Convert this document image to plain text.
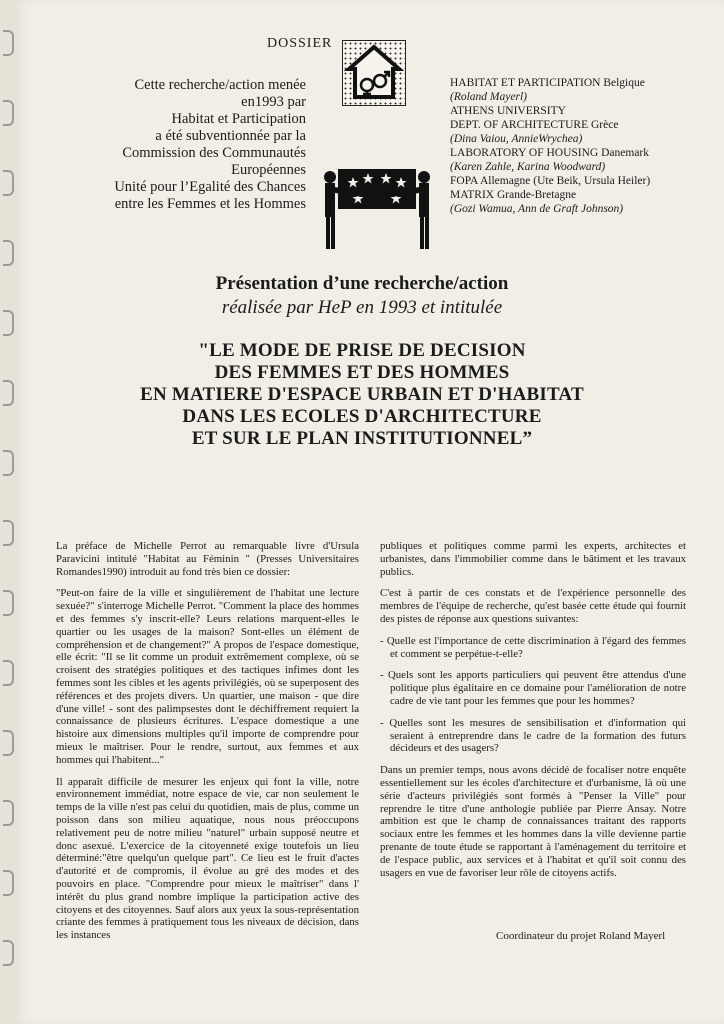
DOSSIER
Cette recherche/action menée
en1993 par
Habitat et Participation
a été subventionnée par la
Commission des Communautés
Européennes
Unité pour l’Egalité des Chances
entre les Femmes et les Hommes
HABITAT ET PARTICIPATION Belgique
(Roland Mayerl)
ATHENS UNIVERSITY
DEPT. OF ARCHITECTURE Grèce
(Dina Vaiou, AnnieWrychea)
LABORATORY OF HOUSING Danemark
(Karen Zahle, Karina Woodward)
FOPA Allemagne (Ute Beik, Ursula Heiler)
MATRIX Grande-Bretagne
(Gozi Wamua, Ann de Graft Johnson)
Présentation d’une recherche/action
réalisée par HeP en 1993 et intitulée
"LE MODE DE PRISE DE DECISION
DES FEMMES ET DES HOMMES
EN MATIERE D'ESPACE URBAIN ET D'HABITAT
DANS LES ECOLES D'ARCHITECTURE
ET SUR LE PLAN INSTITUTIONNEL”

La préface de Michelle Perrot au remarquable livre d'Ursula Paravicini intitulé "Habitat au Féminin " (Presses Universitaires Romandes1990) introduit au fond très bien ce dossier:

"Peut-on faire de la ville et singulièrement de l'habitat une lecture sexuée?" s'interroge Michelle Perrot. "Comment la place des hommes et des femmes s'y inscrit-elle? Leurs relations marquent-elles le quartier ou les usages de la maison? Sont-elles un élément de compréhension et de changement?" A propos de l'espace domestique, elle écrit: "Il se lit comme un produit extrêmement complexe, où se croisent des stratégies politiques et des tactiques infimes dont les femmes sont les cibles et les agents privilégiés, où se superposent des références et des projets divers. Un quartier, une maison - que dire d'une ville! - sont des palimpsestes dont le déchiffrement requiert la connaissance de plusieurs écritures. L'espace domestique a une histoire aux dimensions multiples qu'il importe de comprendre pour mieux le maîtriser. Pour le rendre, surtout, aux femmes et aux hommes qui l'habitent..."

Il apparaît difficile de mesurer les enjeux qui font la ville, notre environnement immédiat, notre espace de vie, car non seulement le temps de la ville n'est pas celui du quotidien, mais de plus, comme un poisson dans son milieu aquatique, nous nous préoccupons relativement peu de notre milieu "naturel" urbain supposé neutre et donc asexué. L'exercice de la citoyenneté exige toutefois un lieu déterminé:"être quelqu'un quelque part". Ce lieu est le fruit d'actes d'autorité et de compromis, il évolue au gré des modes et des pouvoirs en place. "Comprendre pour mieux le maîtriser" dans l' intérêt du plus grand nombre implique la participation active des citoyens et des citoyennes. Sauf alors aux yeux la sous-représentation criante des femmes à pratiquement tous les niveaux de décision, dans les instances

publiques et politiques comme parmi les experts, architectes et urbanistes, dans l'immobilier comme dans le bâtiment et les travaux publics.

C'est à partir de ces constats et de l'expérience personnelle des membres de l'équipe de recherche, qu'est basée cette étude qui fournit des pistes de réponse aux questions suivantes:

- Quelle est l'importance de cette discrimination à l'égard des femmes et comment se perpétue-t-elle?
- Quels sont les apports particuliers qui peuvent être attendus d'une politique plus égalitaire en ce domaine pour l'amélioration de notre cadre de vie tant pour les femmes que pour les hommes?
- Quelles sont les mesures de sensibilisation et d'information qui seraient à entreprendre dans le cadre de la formation des futurs décideurs et des usagers?

Dans un premier temps, nous avons décidé de focaliser notre enquête essentiellement sur les écoles d'architecture et d'urbanisme, là où une série d'acteurs privilégiés sont formés à "Penser la Ville" pour reprendre le titre d'une anthologie publiée par Pierre Ansay. Notre ambition est que le champ de connaissances traitant des rapports sociaux entre les femmes et les hommes dans la ville devienne partie prenante de toute étude se rapportant à l'aménagement du territoire et de l'espace public, aux services et à l'habitat et qu'il soit connu des usagers en vue de favoriser leur rôle de citoyens actifs.

Coordinateur du projet Roland Mayerl
